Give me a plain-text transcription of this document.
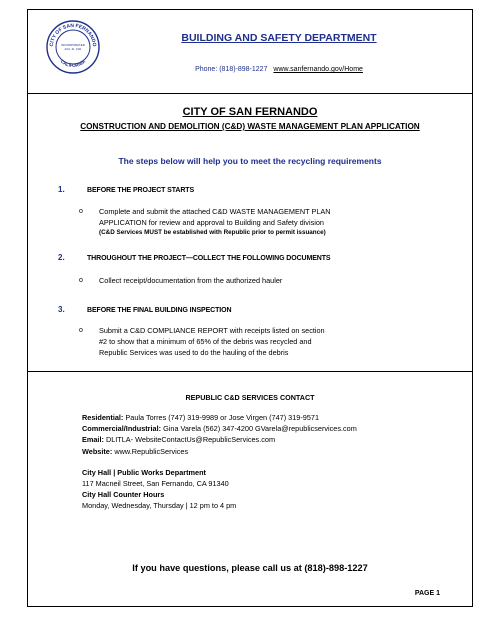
CITY OF SAN FERNANDO
CALIFORNIA
INCORPORATED
AUG. 31, 1911
BUILDING AND SAFETY DEPARTMENT
Phone: (818)-898-1227 www.sanfernando.gov/Home
CITY OF SAN FERNANDO
CONSTRUCTION AND DEMOLITION (C&D) WASTE MANAGEMENT PLAN APPLICATION
The steps below will help you to meet the recycling requirements
1.	BEFORE THE PROJECT STARTS
o Complete and submit the attached C&D WASTE MANAGEMENT PLAN
APPLICATION for review and approval to Building and Safety division
(C&D Services MUST be established with Republic prior to permit issuance)
2.	THROUGHOUT THE PROJECT—COLLECT THE FOLLOWING DOCUMENTS
o Collect receipt/documentation from the authorized hauler
3.	BEFORE THE FINAL BUILDING INSPECTION
o Submit a C&D COMPLIANCE REPORT with receipts listed on section
#2 to show that a minimum of 65% of the debris was recycled and
Republic Services was used to do the hauling of the debris
REPUBLIC C&D SERVICES CONTACT
Residential: Paula Torres (747) 319-9989 or Jose Virgen (747) 319-9571
Commercial/Industrial: Gina Varela (562) 347-4200 GVarela@republicservices.com
Email: DLITLA- WebsiteContactUs@RepublicServices.com
Website: www.RepublicServices
City Hall | Public Works Department
117 Macneil Street, San Fernando, CA 91340
City Hall Counter Hours
Monday, Wednesday, Thursday | 12 pm to 4 pm
If you have questions, please call us at (818)-898-1227
PAGE 1
